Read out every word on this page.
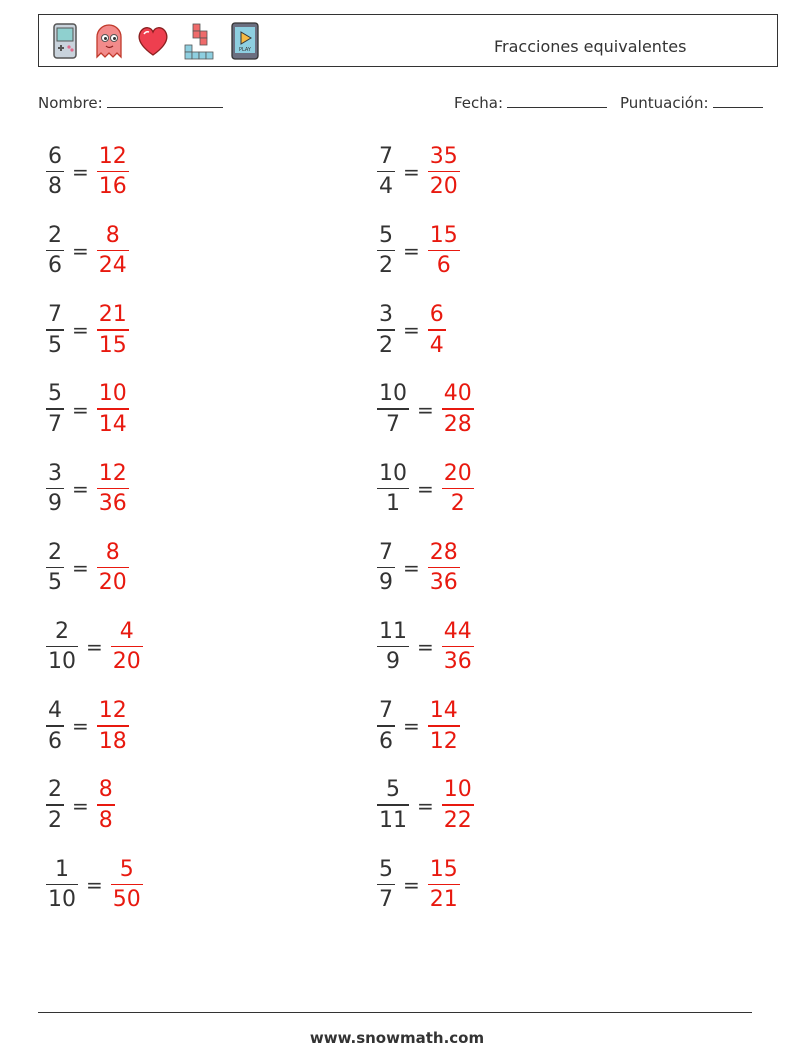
PLAY	Fracciones equivalentes
Nombre:	Fecha:	Puntuación:
$\frac{6}{8} = \frac{12}{16}$
$\frac{2}{6} = \frac{8}{24}$
$\frac{7}{5} = \frac{21}{15}$
$\frac{5}{7} = \frac{10}{14}$
$\frac{3}{9} = \frac{12}{36}$
$\frac{2}{5} = \frac{8}{20}$
$\frac{2}{10} = \frac{4}{20}$
$\frac{4}{6} = \frac{12}{18}$
$\frac{2}{2} = \frac{8}{8}$
$\frac{1}{10} = \frac{5}{50}$
$\frac{7}{4} = \frac{35}{20}$
$\frac{5}{2} = \frac{15}{6}$
$\frac{3}{2} = \frac{6}{4}$
$\frac{10}{7} = \frac{40}{28}$
$\frac{10}{1} = \frac{20}{2}$
$\frac{7}{9} = \frac{28}{36}$
$\frac{11}{9} = \frac{44}{36}$
$\frac{7}{6} = \frac{14}{12}$
$\frac{5}{11} = \frac{10}{22}$
$\frac{5}{7} = \frac{15}{21}$
www.snowmath.com
